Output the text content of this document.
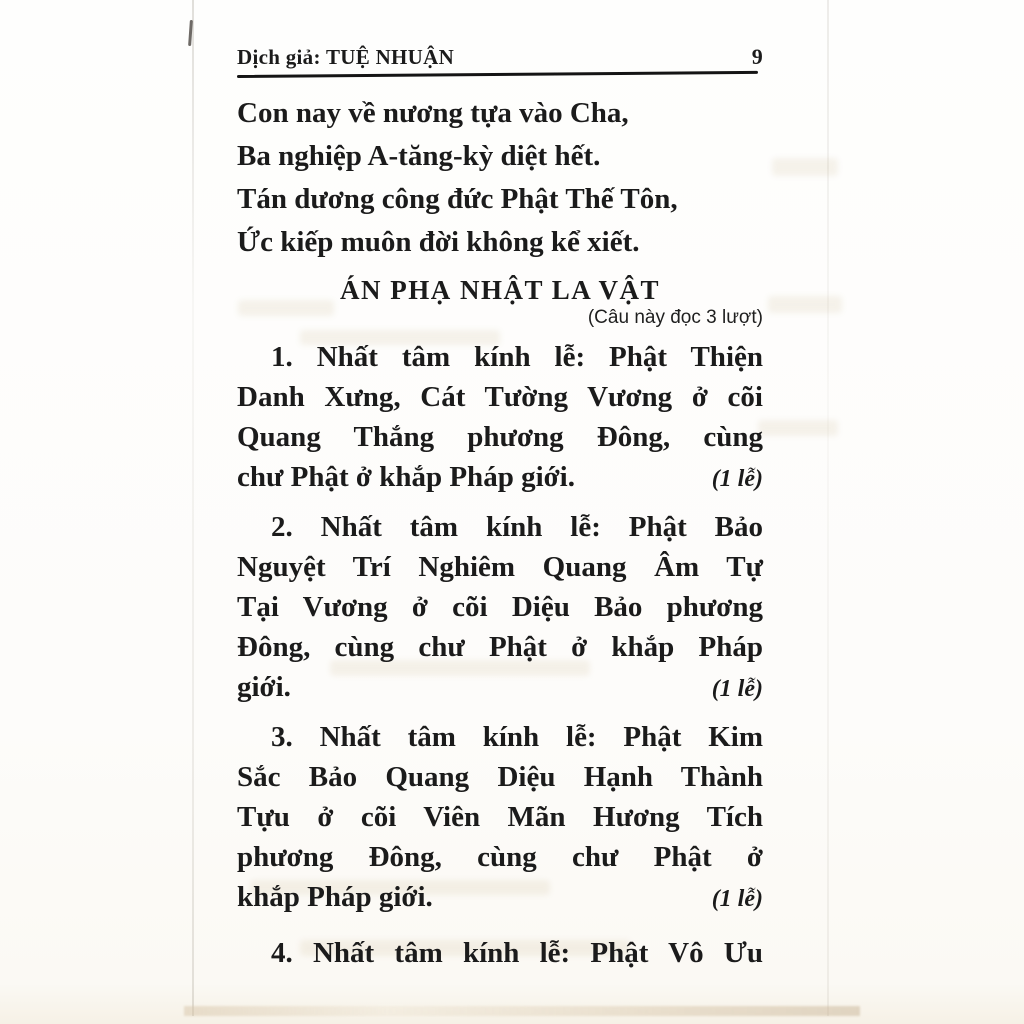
Dịch giả: TUỆ NHUẬN	9
Con nay về nương tựa vào Cha,
Ba nghiệp A-tăng-kỳ diệt hết.
Tán dương công đức Phật Thế Tôn,
Ức kiếp muôn đời không kể xiết.
ÁN PHẠ NHẬT LA VẬT
(Câu này đọc 3 lượt)
1. Nhất tâm kính lễ: Phật Thiện
Danh Xưng, Cát Tường Vương ở cõi
Quang Thắng phương Đông, cùng
chư Phật ở khắp Pháp giới.	(1 lễ)
2. Nhất tâm kính lễ: Phật Bảo
Nguyệt Trí Nghiêm Quang Âm Tự
Tại Vương ở cõi Diệu Bảo phương
Đông, cùng chư Phật ở khắp Pháp
giới.	(1 lễ)
3. Nhất tâm kính lễ: Phật Kim
Sắc Bảo Quang Diệu Hạnh Thành
Tựu ở cõi Viên Mãn Hương Tích
phương Đông, cùng chư Phật ở
khắp Pháp giới.	(1 lễ)
4. Nhất tâm kính lễ: Phật Vô Ưu
